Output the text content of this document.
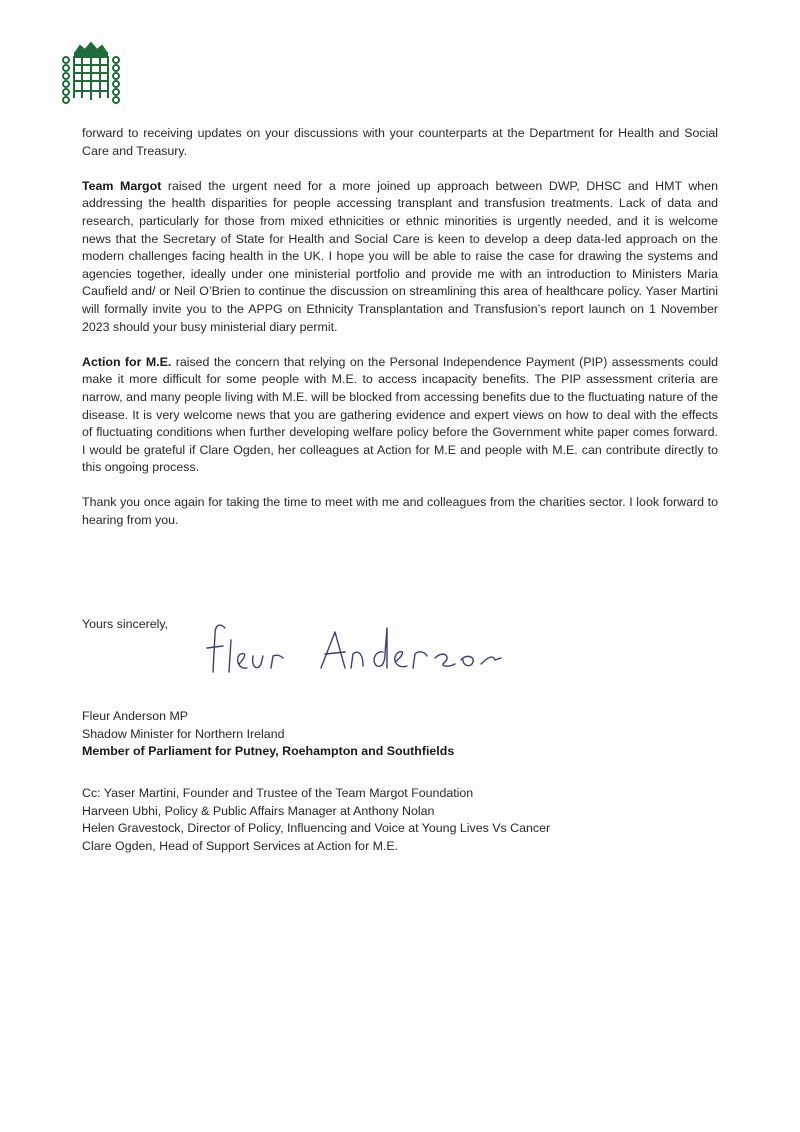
forward to receiving updates on your discussions with your counterparts at the Department for Health and Social Care and Treasury.

Team Margot raised the urgent need for a more joined up approach between DWP, DHSC and HMT when addressing the health disparities for people accessing transplant and transfusion treatments. Lack of data and research, particularly for those from mixed ethnicities or ethnic minorities is urgently needed, and it is welcome news that the Secretary of State for Health and Social Care is keen to develop a deep data-led approach on the modern challenges facing health in the UK. I hope you will be able to raise the case for drawing the systems and agencies together, ideally under one ministerial portfolio and provide me with an introduction to Ministers Maria Caufield and/ or Neil O’Brien to continue the discussion on streamlining this area of healthcare policy. Yaser Martini will formally invite you to the APPG on Ethnicity Transplantation and Transfusion’s report launch on 1 November 2023 should your busy ministerial diary permit.

Action for M.E. raised the concern that relying on the Personal Independence Payment (PIP) assessments could make it more difficult for some people with M.E. to access incapacity benefits. The PIP assessment criteria are narrow, and many people living with M.E. will be blocked from accessing benefits due to the fluctuating nature of the disease. It is very welcome news that you are gathering evidence and expert views on how to deal with the effects of fluctuating conditions when further developing welfare policy before the Government white paper comes forward. I would be grateful if Clare Ogden, her colleagues at Action for M.E and people with M.E. can contribute directly to this ongoing process.

Thank you once again for taking the time to meet with me and colleagues from the charities sector. I look forward to hearing from you.

Yours sincerely,
Fleur Anderson MP
Shadow Minister for Northern Ireland
Member of Parliament for Putney, Roehampton and Southfields
Cc: Yaser Martini, Founder and Trustee of the Team Margot Foundation
Harveen Ubhi, Policy & Public Affairs Manager at Anthony Nolan
Helen Gravestock, Director of Policy, Influencing and Voice at Young Lives Vs Cancer
Clare Ogden, Head of Support Services at Action for M.E.
